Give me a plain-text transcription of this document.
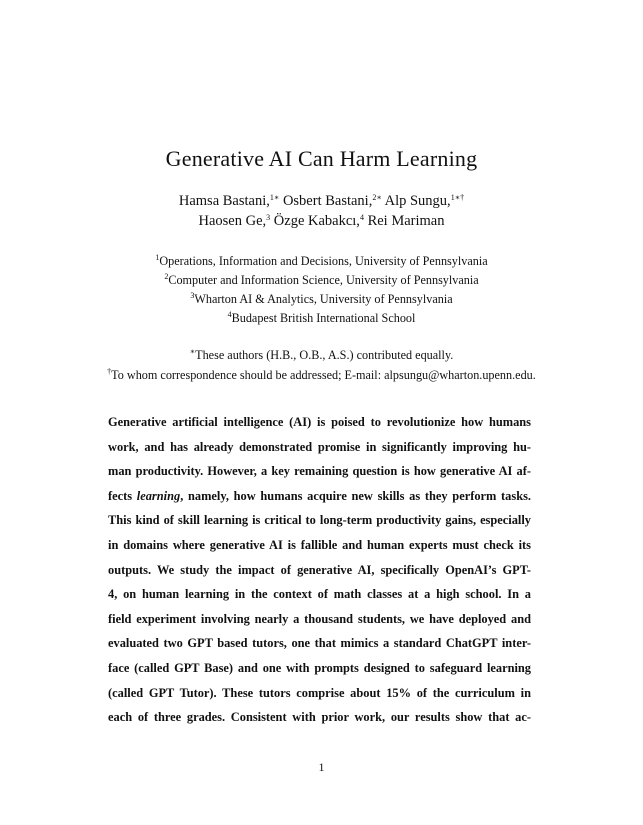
Generative AI Can Harm Learning
Hamsa Bastani,$^{1∗}$ Osbert Bastani,$^{2∗}$ Alp Sungu,$^{1∗\dagger}$
Haosen Ge,$^3$ Özge Kabakcı,$^4$ Rei Mariman
$^1$Operations, Information and Decisions, University of Pennsylvania
$^2$Computer and Information Science, University of Pennsylvania
$^3$Wharton AI & Analytics, University of Pennsylvania
$^4$Budapest British International School
∗These authors (H.B., O.B., A.S.) contributed equally.
†To whom correspondence should be addressed; E-mail: alpsungu@wharton.upenn.edu.
Generative artificial intelligence (AI) is poised to revolutionize how humans
work, and has already demonstrated promise in significantly improving hu-
man productivity. However, a key remaining question is how generative AI af-
fects learning, namely, how humans acquire new skills as they perform tasks.
This kind of skill learning is critical to long-term productivity gains, especially
in domains where generative AI is fallible and human experts must check its
outputs. We study the impact of generative AI, specifically OpenAI’s GPT-
4, on human learning in the context of math classes at a high school. In a
field experiment involving nearly a thousand students, we have deployed and
evaluated two GPT based tutors, one that mimics a standard ChatGPT inter-
face (called GPT Base) and one with prompts designed to safeguard learning
(called GPT Tutor). These tutors comprise about 15% of the curriculum in
each of three grades. Consistent with prior work, our results show that ac-
1
